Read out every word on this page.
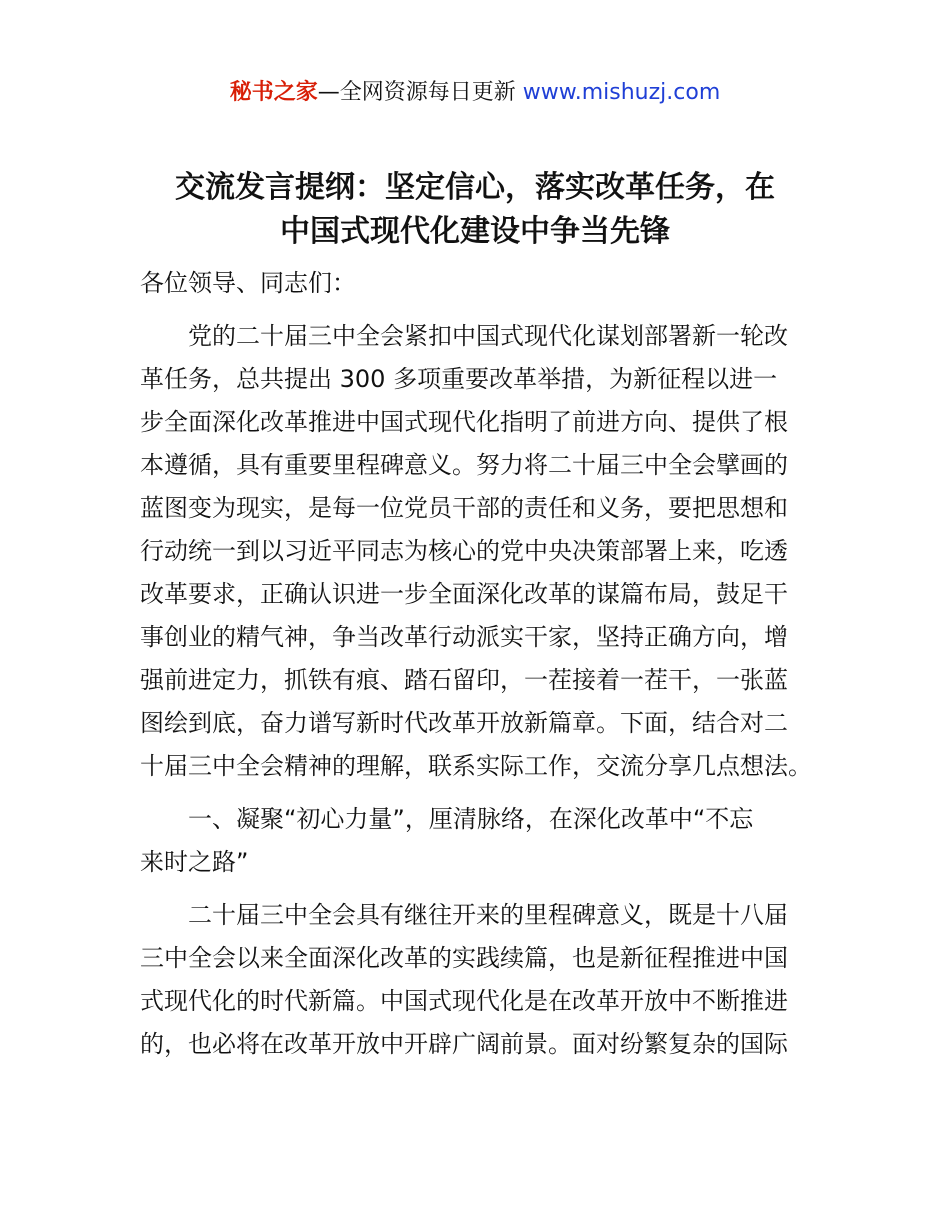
秘书之家—全网资源每日更新 www.mishuzj.com
交流发言提纲：坚定信心，落实改革任务，在
中国式现代化建设中争当先锋
各位领导、同志们：
党的二十届三中全会紧扣中国式现代化谋划部署新一轮改
革任务，总共提出 300 多项重要改革举措，为新征程以进一
步全面深化改革推进中国式现代化指明了前进方向、提供了根
本遵循，具有重要里程碑意义。努力将二十届三中全会擘画的
蓝图变为现实，是每一位党员干部的责任和义务，要把思想和
行动统一到以习近平同志为核心的党中央决策部署上来，吃透
改革要求，正确认识进一步全面深化改革的谋篇布局，鼓足干
事创业的精气神，争当改革行动派实干家，坚持正确方向，增
强前进定力，抓铁有痕、踏石留印，一茬接着一茬干，一张蓝
图绘到底，奋力谱写新时代改革开放新篇章。下面，结合对二
十届三中全会精神的理解，联系实际工作，交流分享几点想法。
一、凝聚“初心力量”，厘清脉络，在深化改革中“不忘
来时之路”
二十届三中全会具有继往开来的里程碑意义，既是十八届
三中全会以来全面深化改革的实践续篇，也是新征程推进中国
式现代化的时代新篇。中国式现代化是在改革开放中不断推进
的，也必将在改革开放中开辟广阔前景。面对纷繁复杂的国际
